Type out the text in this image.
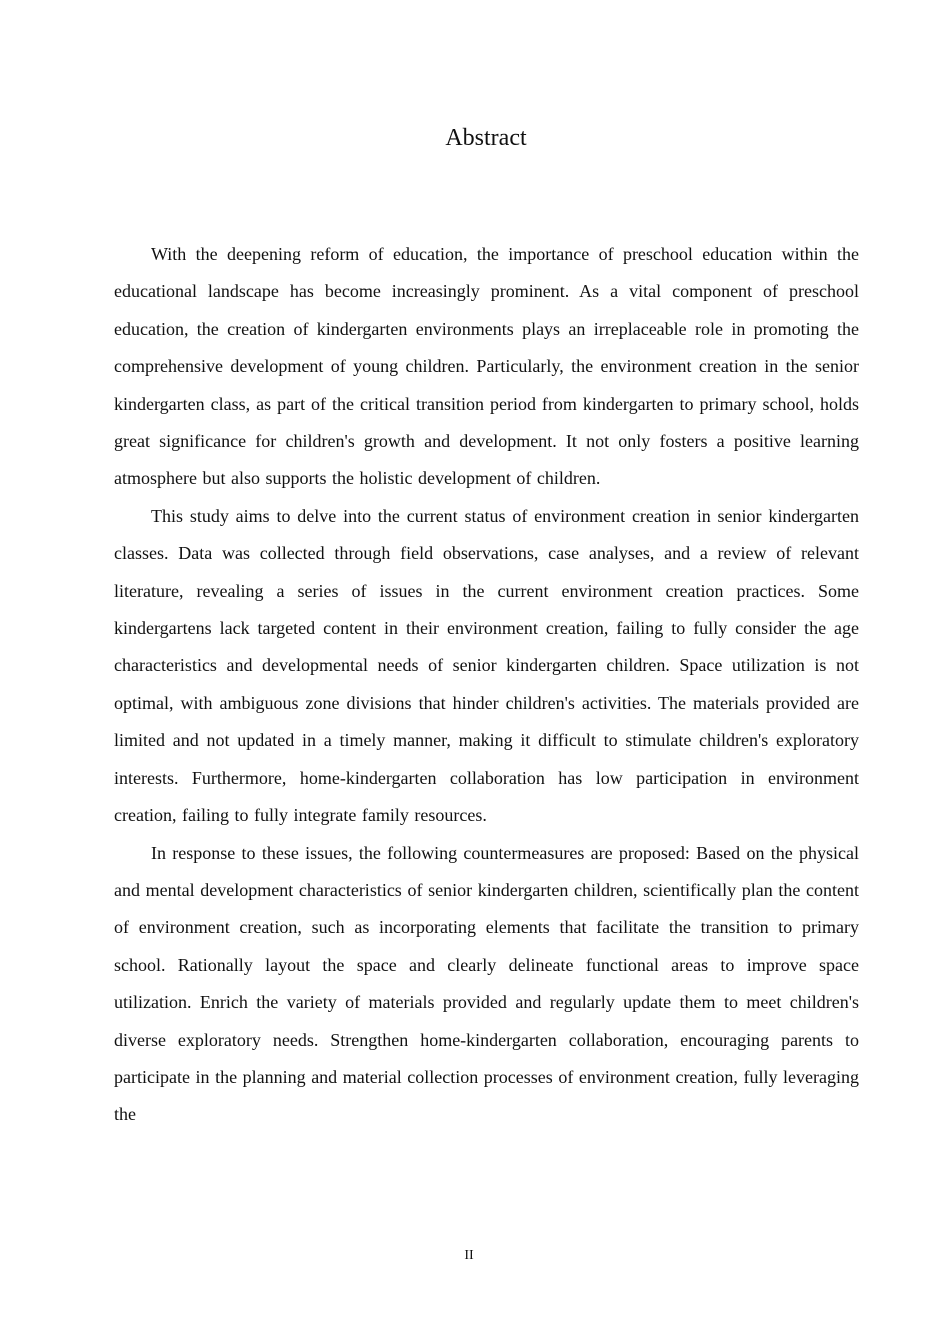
Abstract

With the deepening reform of education, the importance of preschool education within the educational landscape has become increasingly prominent. As a vital component of preschool education, the creation of kindergarten environments plays an irreplaceable role in promoting the comprehensive development of young children. Particularly, the environment creation in the senior kindergarten class, as part of the critical transition period from kindergarten to primary school, holds great significance for children's growth and development. It not only fosters a positive learning atmosphere but also supports the holistic development of children.

This study aims to delve into the current status of environment creation in senior kindergarten classes. Data was collected through field observations, case analyses, and a review of relevant literature, revealing a series of issues in the current environment creation practices. Some kindergartens lack targeted content in their environment creation, failing to fully consider the age characteristics and developmental needs of senior kindergarten children. Space utilization is not optimal, with ambiguous zone divisions that hinder children's activities. The materials provided are limited and not updated in a timely manner, making it difficult to stimulate children's exploratory interests. Furthermore, home-kindergarten collaboration has low participation in environment creation, failing to fully integrate family resources.

In response to these issues, the following countermeasures are proposed: Based on the physical and mental development characteristics of senior kindergarten children, scientifically plan the content of environment creation, such as incorporating elements that facilitate the transition to primary school. Rationally layout the space and clearly delineate functional areas to improve space utilization. Enrich the variety of materials provided and regularly update them to meet children's diverse exploratory needs. Strengthen home-kindergarten collaboration, encouraging parents to participate in the planning and material collection processes of environment creation, fully leveraging the

II
